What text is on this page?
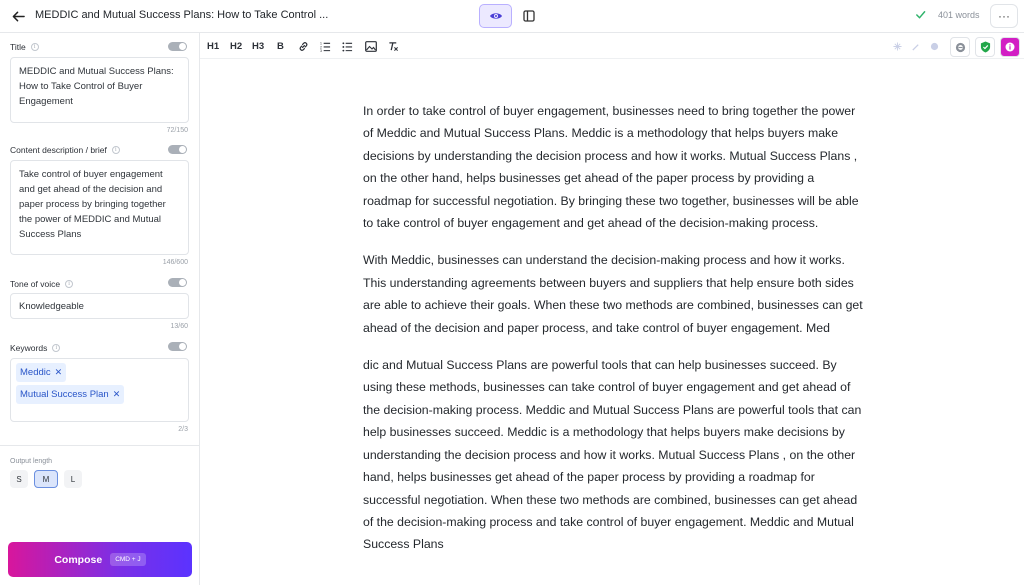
MEDDIC and Mutual Success Plans: How to Take Control ...	401 words	···
Title	i
MEDDIC and Mutual Success Plans: How to Take Control of Buyer Engagement
72/150
Content description / brief	i
Take control of buyer engagement and get ahead of the decision and paper process by bringing together the power of MEDDIC and Mutual Success Plans
146/600
Tone of voice	i
Knowledgeable
13/60
Keywords	i
Meddic ✕

Mutual Success Plan ✕
2/3
Output length
S	M	L
Compose	CMD + J
H1 H2 H3 B	1
2
3

In order to take control of buyer engagement, businesses need to bring together the power of Meddic and Mutual Success Plans. Meddic is a methodology that helps buyers make decisions by understanding the decision process and how it works. Mutual Success Plans , on the other hand, helps businesses get ahead of the paper process by providing a roadmap for successful negotiation. By bringing these two together, businesses will be able to take control of buyer engagement and get ahead of the decision-making process.

With Meddic, businesses can understand the decision-making process and how it works. This understanding agreements between buyers and suppliers that help ensure both sides are able to achieve their goals. When these two methods are combined, businesses can get ahead of the decision and paper process, and take control of buyer engagement. Med

dic and Mutual Success Plans are powerful tools that can help businesses succeed. By using these methods, businesses can take control of buyer engagement and get ahead of the decision-making process. Meddic and Mutual Success Plans are powerful tools that can help businesses succeed. Meddic is a methodology that helps buyers make decisions by understanding the decision process and how it works. Mutual Success Plans , on the other hand, helps businesses get ahead of the paper process by providing a roadmap for successful negotiation. When these two methods are combined, businesses can get ahead of the decision-making process and take control of buyer engagement. Meddic and Mutual Success Plans
